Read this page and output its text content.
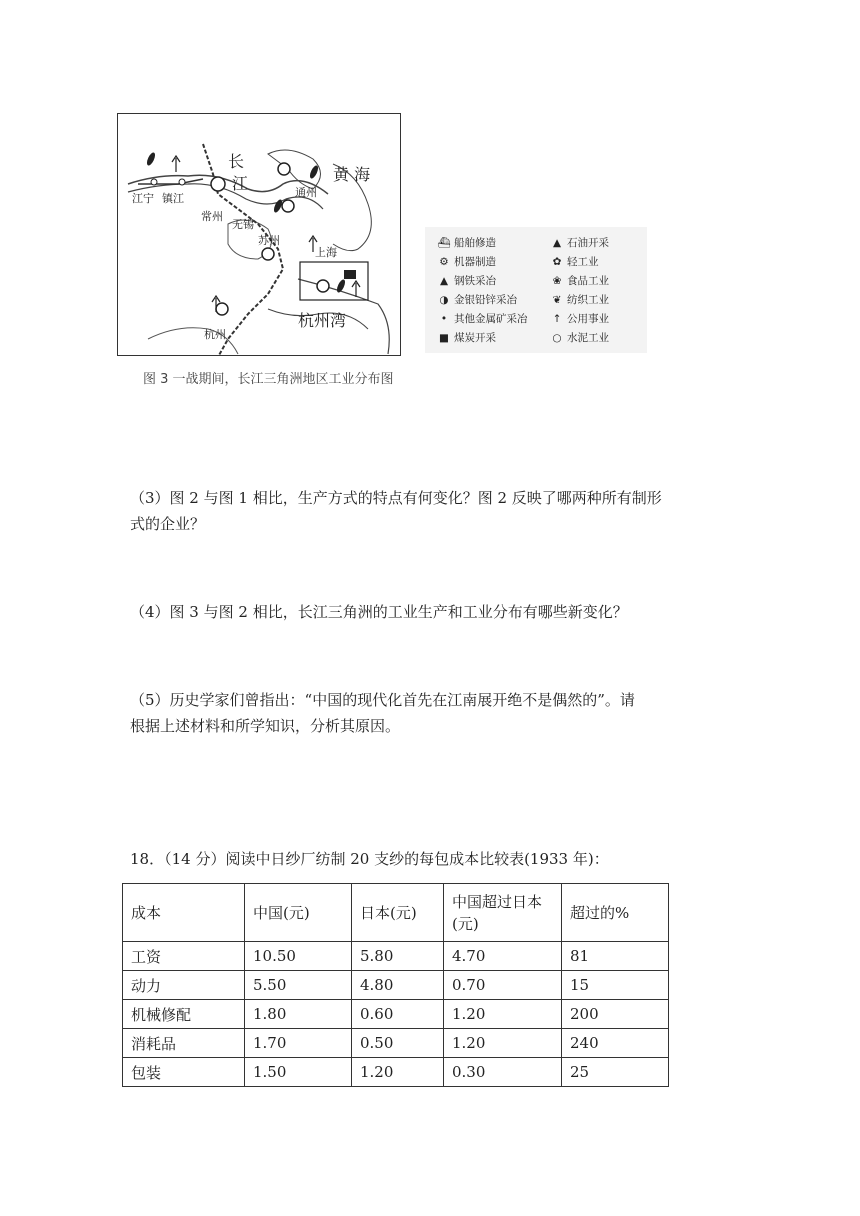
长
江	黄 海
通州
江宁 镇江
常州
无锡
苏州
上海
杭州
杭州湾
⛴ 船舶修造
⚙ 机器制造
▲ 钢铁采冶
◑ 金银铅锌采冶
• 其他金属矿采冶
■ 煤炭开采
▲ 石油开采
✿ 轻工业
❀ 食品工业
❦ 纺织工业
↑ 公用事业
○ 水泥工业
图 3 一战期间，长江三角洲地区工业分布图
（3）图 2 与图 1 相比，生产方式的特点有何变化？图 2 反映了哪两种所有制形
式的企业？
（4）图 3 与图 2 相比，长江三角洲的工业生产和工业分布有哪些新变化？
（5）历史学家们曾指出：“中国的现代化首先在江南展开绝不是偶然的”。请
根据上述材料和所学知识，分析其原因。
18．（14 分）阅读中日纱厂纺制 20 支纱的每包成本比较表(1933 年)：
成本	中国(元)	日本(元)	中国超过日本(元)	超过的%
工资	10.50	5.80	4.70	81
动力	5.50	4.80	0.70	15
机械修配	1.80	0.60	1.20	200
消耗品	1.70	0.50	1.20	240
包装	1.50	1.20	0.30	25
